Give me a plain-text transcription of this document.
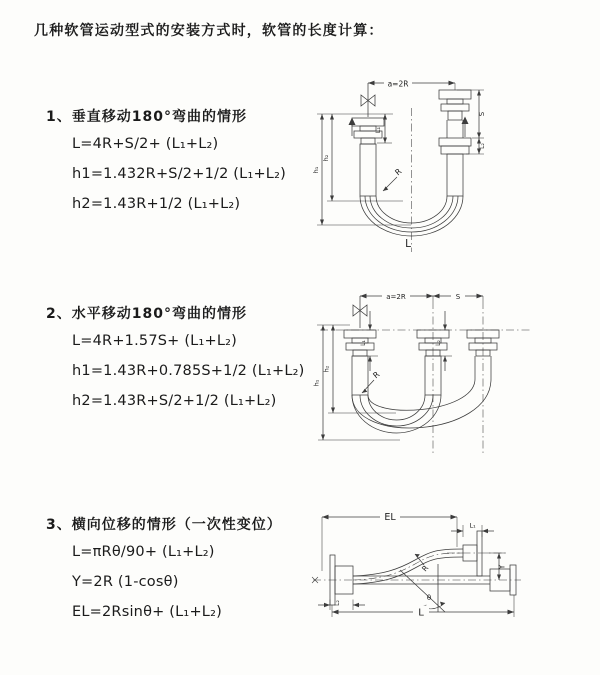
几种软管运动型式的安装方式时，软管的长度计算：
1、垂直移动180°弯曲的情形
L=4R+S/2+ (L₁+L₂)
h1=1.432R+S/2+1/2 (L₁+L₂)
h2=1.43R+1/2 (L₁+L₂)
a=2R
L₁
S
L₂
h₁
h₂
R
L
2、水平移动180°弯曲的情形
L=4R+1.57S+ (L₁+L₂)
h1=1.43R+0.785S+1/2 (L₁+L₂)
h2=1.43R+S/2+1/2 (L₁+L₂)
a=2R	S
L₁	L₂
h₁
h₂
R
3、横向位移的情形（一次性变位）
L=πRθ/90+ (L₁+L₂)
Y=2R (1-cosθ)
EL=2Rsinθ+ (L₁+L₂)
EL
L₁
Y
R
θ
L
L₂
